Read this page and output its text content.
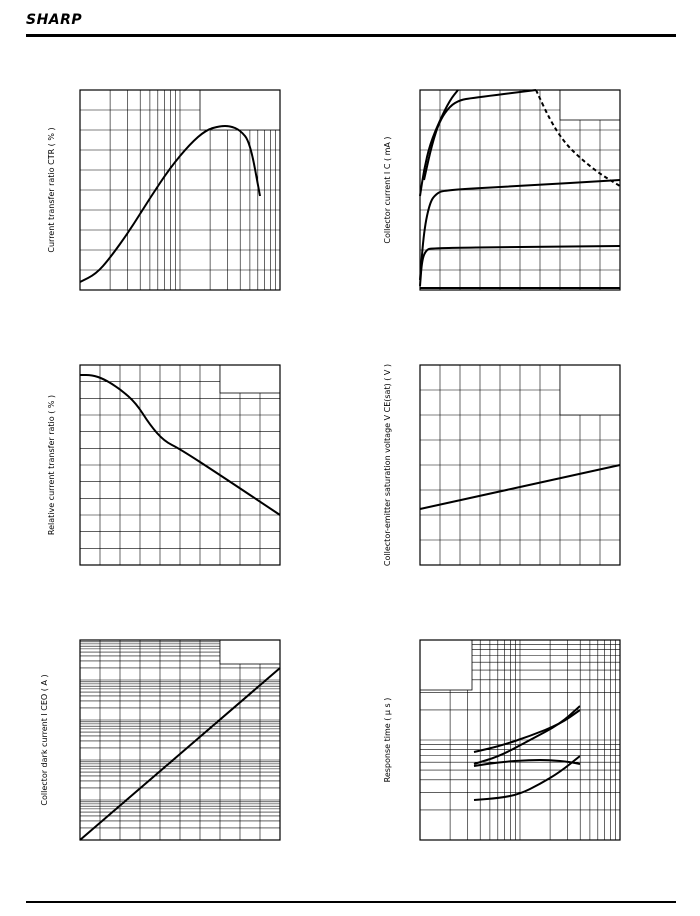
SHARP
Current transfer ratio CTR ( % )	Collector current I C ( mA )
Relative current transfer ratio ( % )	Collector-emitter saturation voltage V CE(sat) ( V )
Collector dark current I CEO ( A )	Response time ( μ s )
